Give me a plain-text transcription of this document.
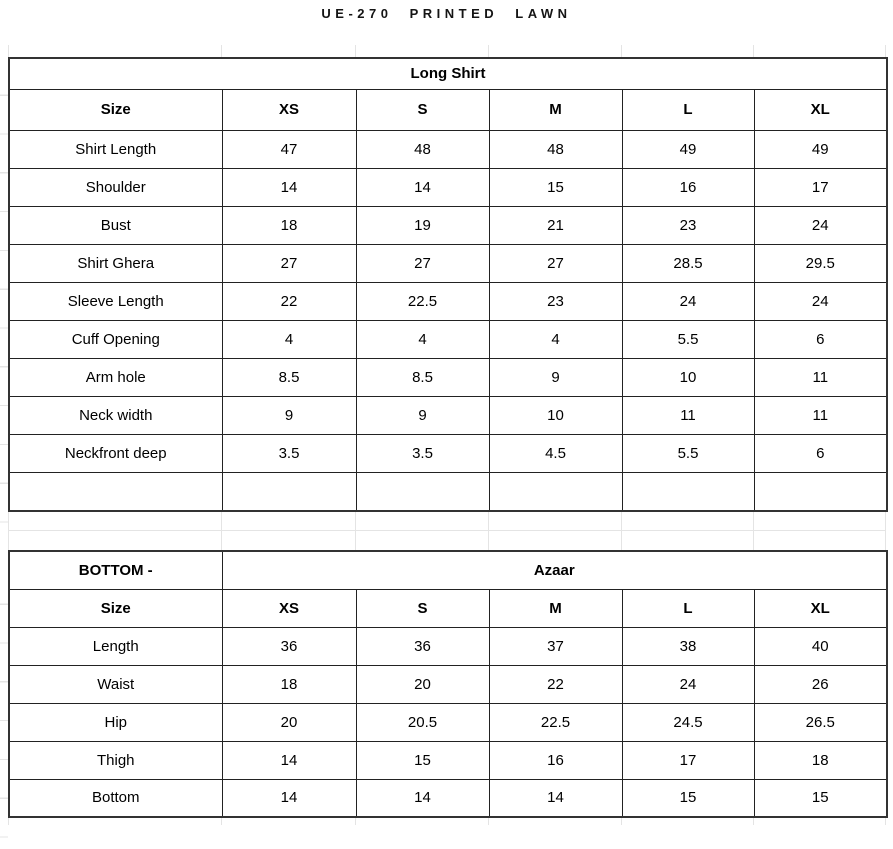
UE-270 PRINTED LAWN
Long Shirt					
Size	XS	S	M	L	XL
Shirt Length	47	48	48	49	49
Shoulder	14	14	15	16	17
Bust	18	19	21	23	24
Shirt Ghera	27	27	27	28.5	29.5
Sleeve Length	22	22.5	23	24	24
Cuff Opening	4	4	4	5.5	6
Arm hole	8.5	8.5	9	10	11
Neck width	9	9	10	11	11
Neckfront deep	3.5	3.5	4.5	5.5	6

BOTTOM -	Azaar				
Size	XS	S	M	L	XL
Length	36	36	37	38	40
Waist	18	20	22	24	26
Hip	20	20.5	22.5	24.5	26.5
Thigh	14	15	16	17	18
Bottom	14	14	14	15	15
